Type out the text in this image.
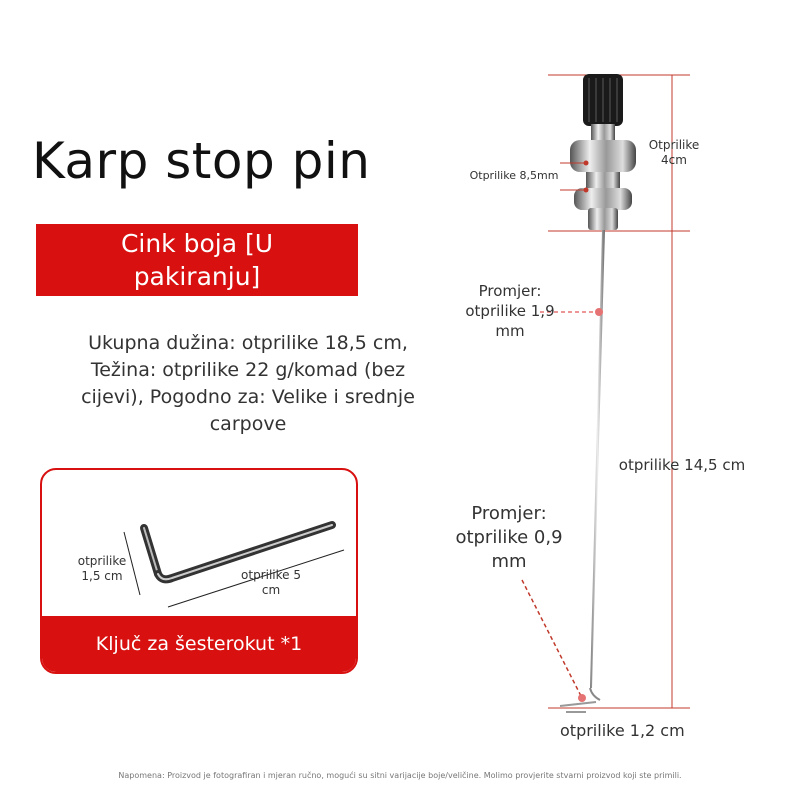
Karp stop pin
Cink boja [U pakiranju]
Ukupna dužina: otprilike 18,5 cm, Težina: otprilike 22 g/komad (bez cijevi), Pogodno za: Velike i srednje carpove
otprilike 1,5 cm	otprilike 5 cm
Ključ za šesterokut *1
Otprilike 4cm
Otprilike 8,5mm
Promjer: otprilike 1,9 mm
otprilike 14,5 cm
Promjer: otprilike 0,9 mm
otprilike 1,2 cm
Napomena: Proizvod je fotografiran i mjeran ručno, mogući su sitni varijacije boje/veličine. Molimo provjerite stvarni proizvod koji ste primili.
